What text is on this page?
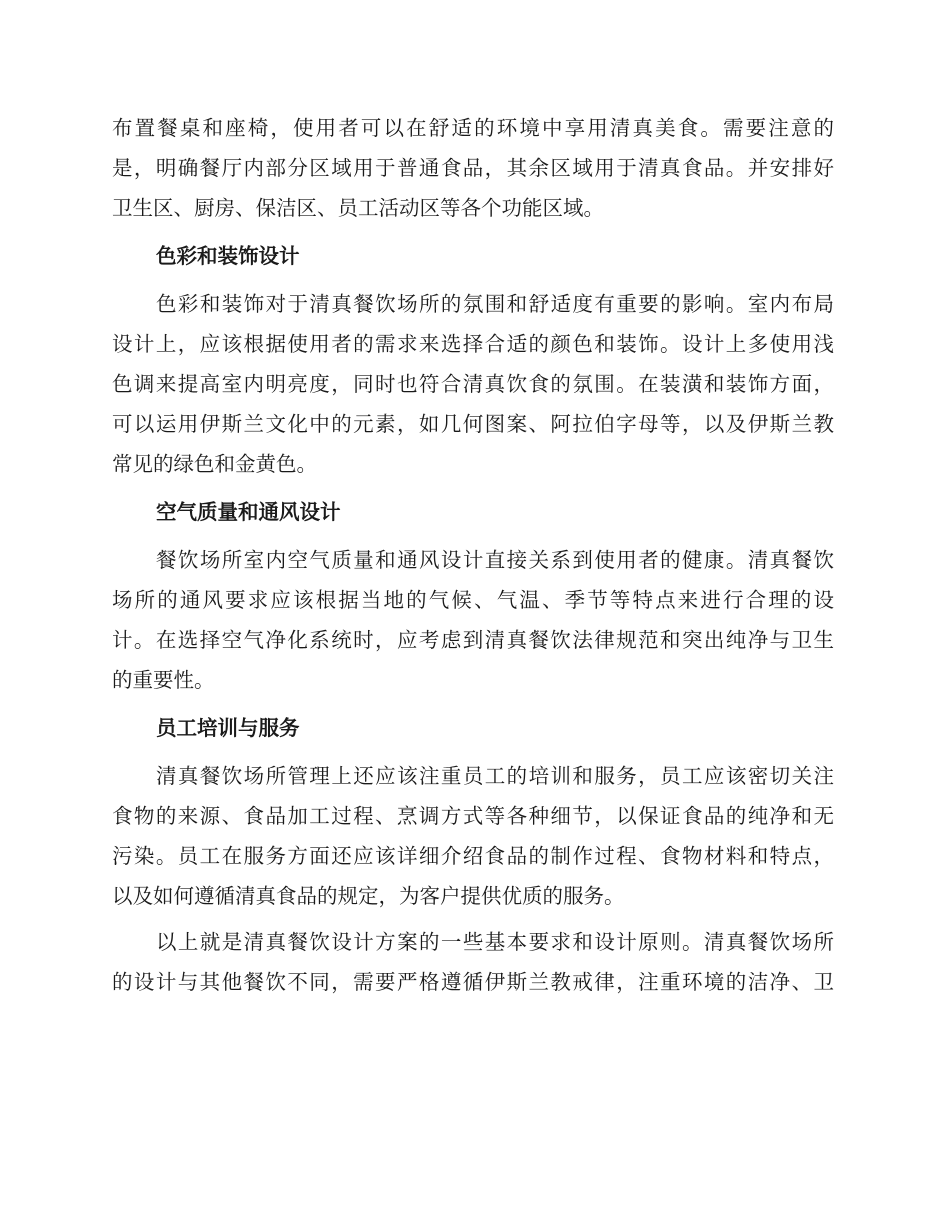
布置餐桌和座椅，使用者可以在舒适的环境中享用清真美食。需要注意的
是，明确餐厅内部分区域用于普通食品，其余区域用于清真食品。并安排好
卫生区、厨房、保洁区、员工活动区等各个功能区域。

色彩和装饰设计

色彩和装饰对于清真餐饮场所的氛围和舒适度有重要的影响。室内布局
设计上，应该根据使用者的需求来选择合适的颜色和装饰。设计上多使用浅
色调来提高室内明亮度，同时也符合清真饮食的氛围。在装潢和装饰方面，
可以运用伊斯兰文化中的元素，如几何图案、阿拉伯字母等，以及伊斯兰教
常见的绿色和金黄色。

空气质量和通风设计

餐饮场所室内空气质量和通风设计直接关系到使用者的健康。清真餐饮
场所的通风要求应该根据当地的气候、气温、季节等特点来进行合理的设
计。在选择空气净化系统时，应考虑到清真餐饮法律规范和突出纯净与卫生
的重要性。

员工培训与服务

清真餐饮场所管理上还应该注重员工的培训和服务，员工应该密切关注
食物的来源、食品加工过程、烹调方式等各种细节，以保证食品的纯净和无
污染。员工在服务方面还应该详细介绍食品的制作过程、食物材料和特点，
以及如何遵循清真食品的规定，为客户提供优质的服务。

以上就是清真餐饮设计方案的一些基本要求和设计原则。清真餐饮场所
的设计与其他餐饮不同，需要严格遵循伊斯兰教戒律，注重环境的洁净、卫
